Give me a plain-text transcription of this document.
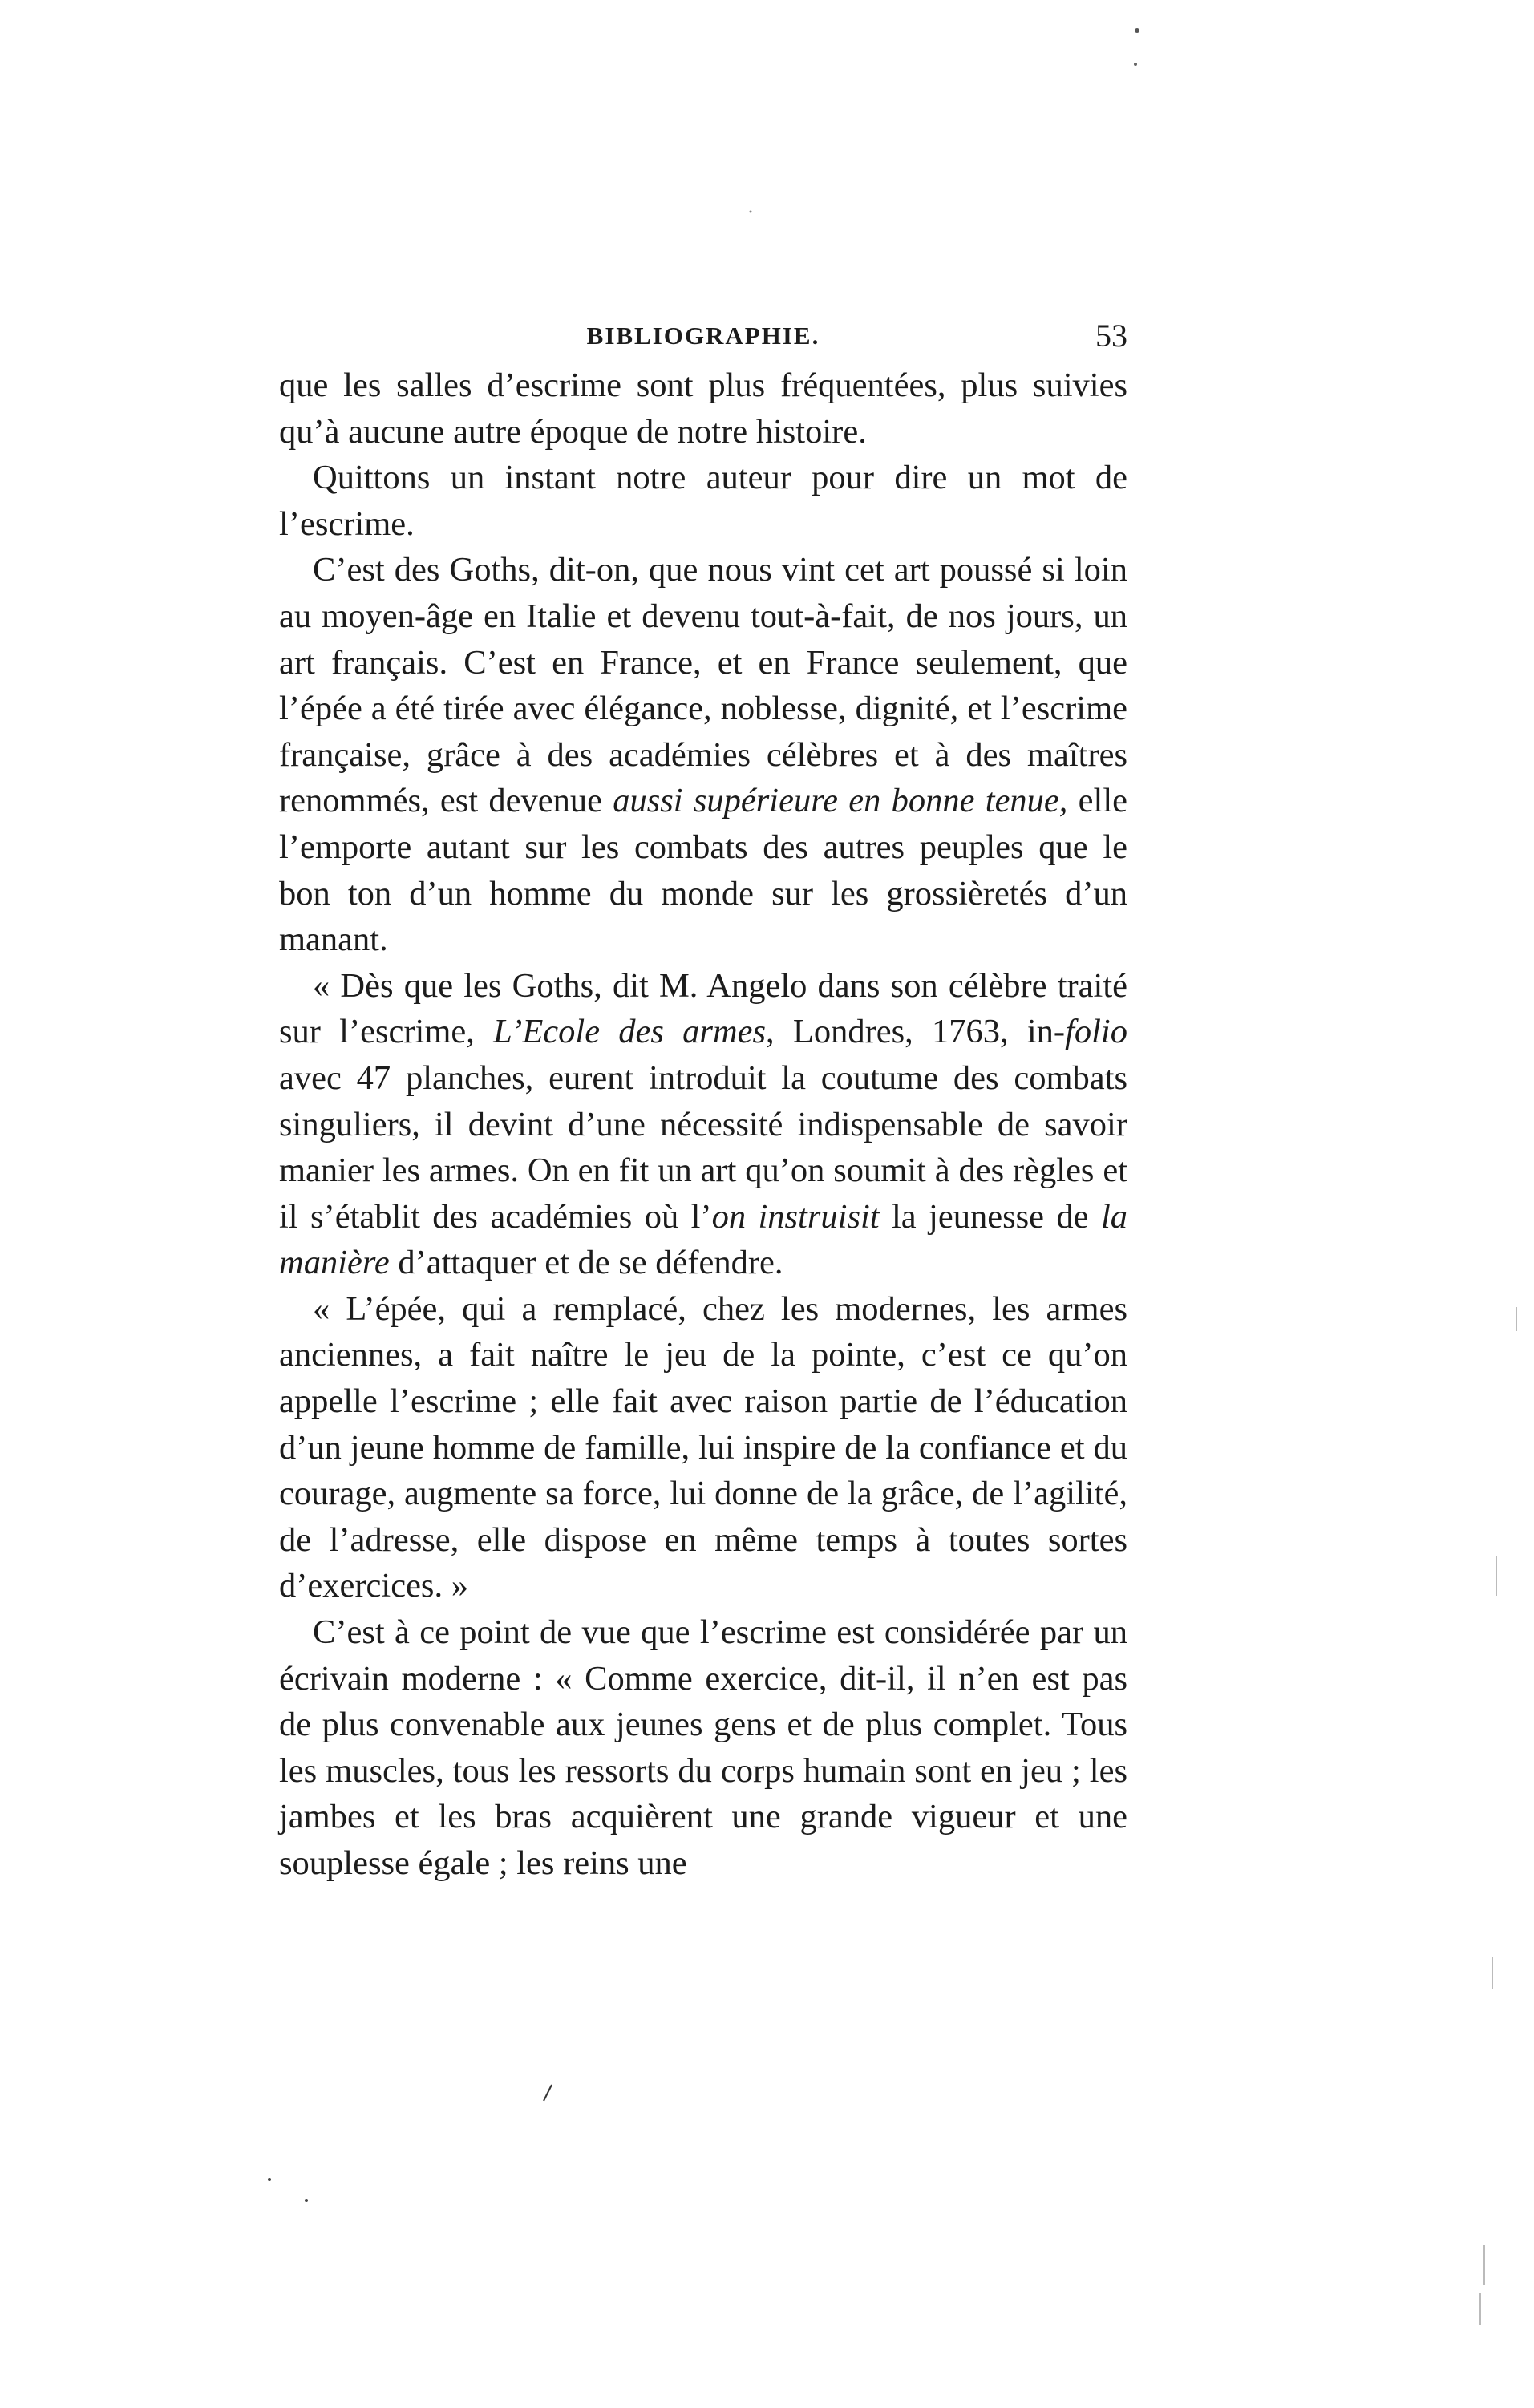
BIBLIOGRAPHIE.	53

que les salles d’escrime sont plus fréquentées, plus suivies qu’à aucune autre époque de notre histoire.

Quittons un instant notre auteur pour dire un mot de l’escrime.

C’est des Goths, dit-on, que nous vint cet art poussé si loin au moyen-âge en Italie et devenu tout-à-fait, de nos jours, un art français. C’est en France, et en France seulement, que l’épée a été tirée avec élégance, noblesse, dignité, et l’escrime française, grâce à des académies célèbres et à des maîtres renommés, est devenue aussi supérieure en bonne tenue, elle l’emporte autant sur les combats des autres peuples que le bon ton d’un homme du monde sur les grossièretés d’un manant.

« Dès que les Goths, dit M. Angelo dans son célèbre traité sur l’escrime, L’Ecole des armes, Londres, 1763, in-folio avec 47 planches, eurent introduit la coutume des combats singuliers, il devint d’une nécessité indispensable de savoir manier les armes. On en fit un art qu’on soumit à des règles et il s’établit des académies où l’on instruisit la jeunesse de la manière d’attaquer et de se défendre.

« L’épée, qui a remplacé, chez les modernes, les armes anciennes, a fait naître le jeu de la pointe, c’est ce qu’on appelle l’escrime ; elle fait avec raison partie de l’éducation d’un jeune homme de famille, lui inspire de la confiance et du courage, augmente sa force, lui donne de la grâce, de l’agilité, de l’adresse, elle dispose en même temps à toutes sortes d’exercices. »

C’est à ce point de vue que l’escrime est considérée par un écrivain moderne : « Comme exercice, dit-il, il n’en est pas de plus convenable aux jeunes gens et de plus complet. Tous les muscles, tous les ressorts du corps humain sont en jeu ; les jambes et les bras acquièrent une grande vigueur et une souplesse égale ; les reins une
